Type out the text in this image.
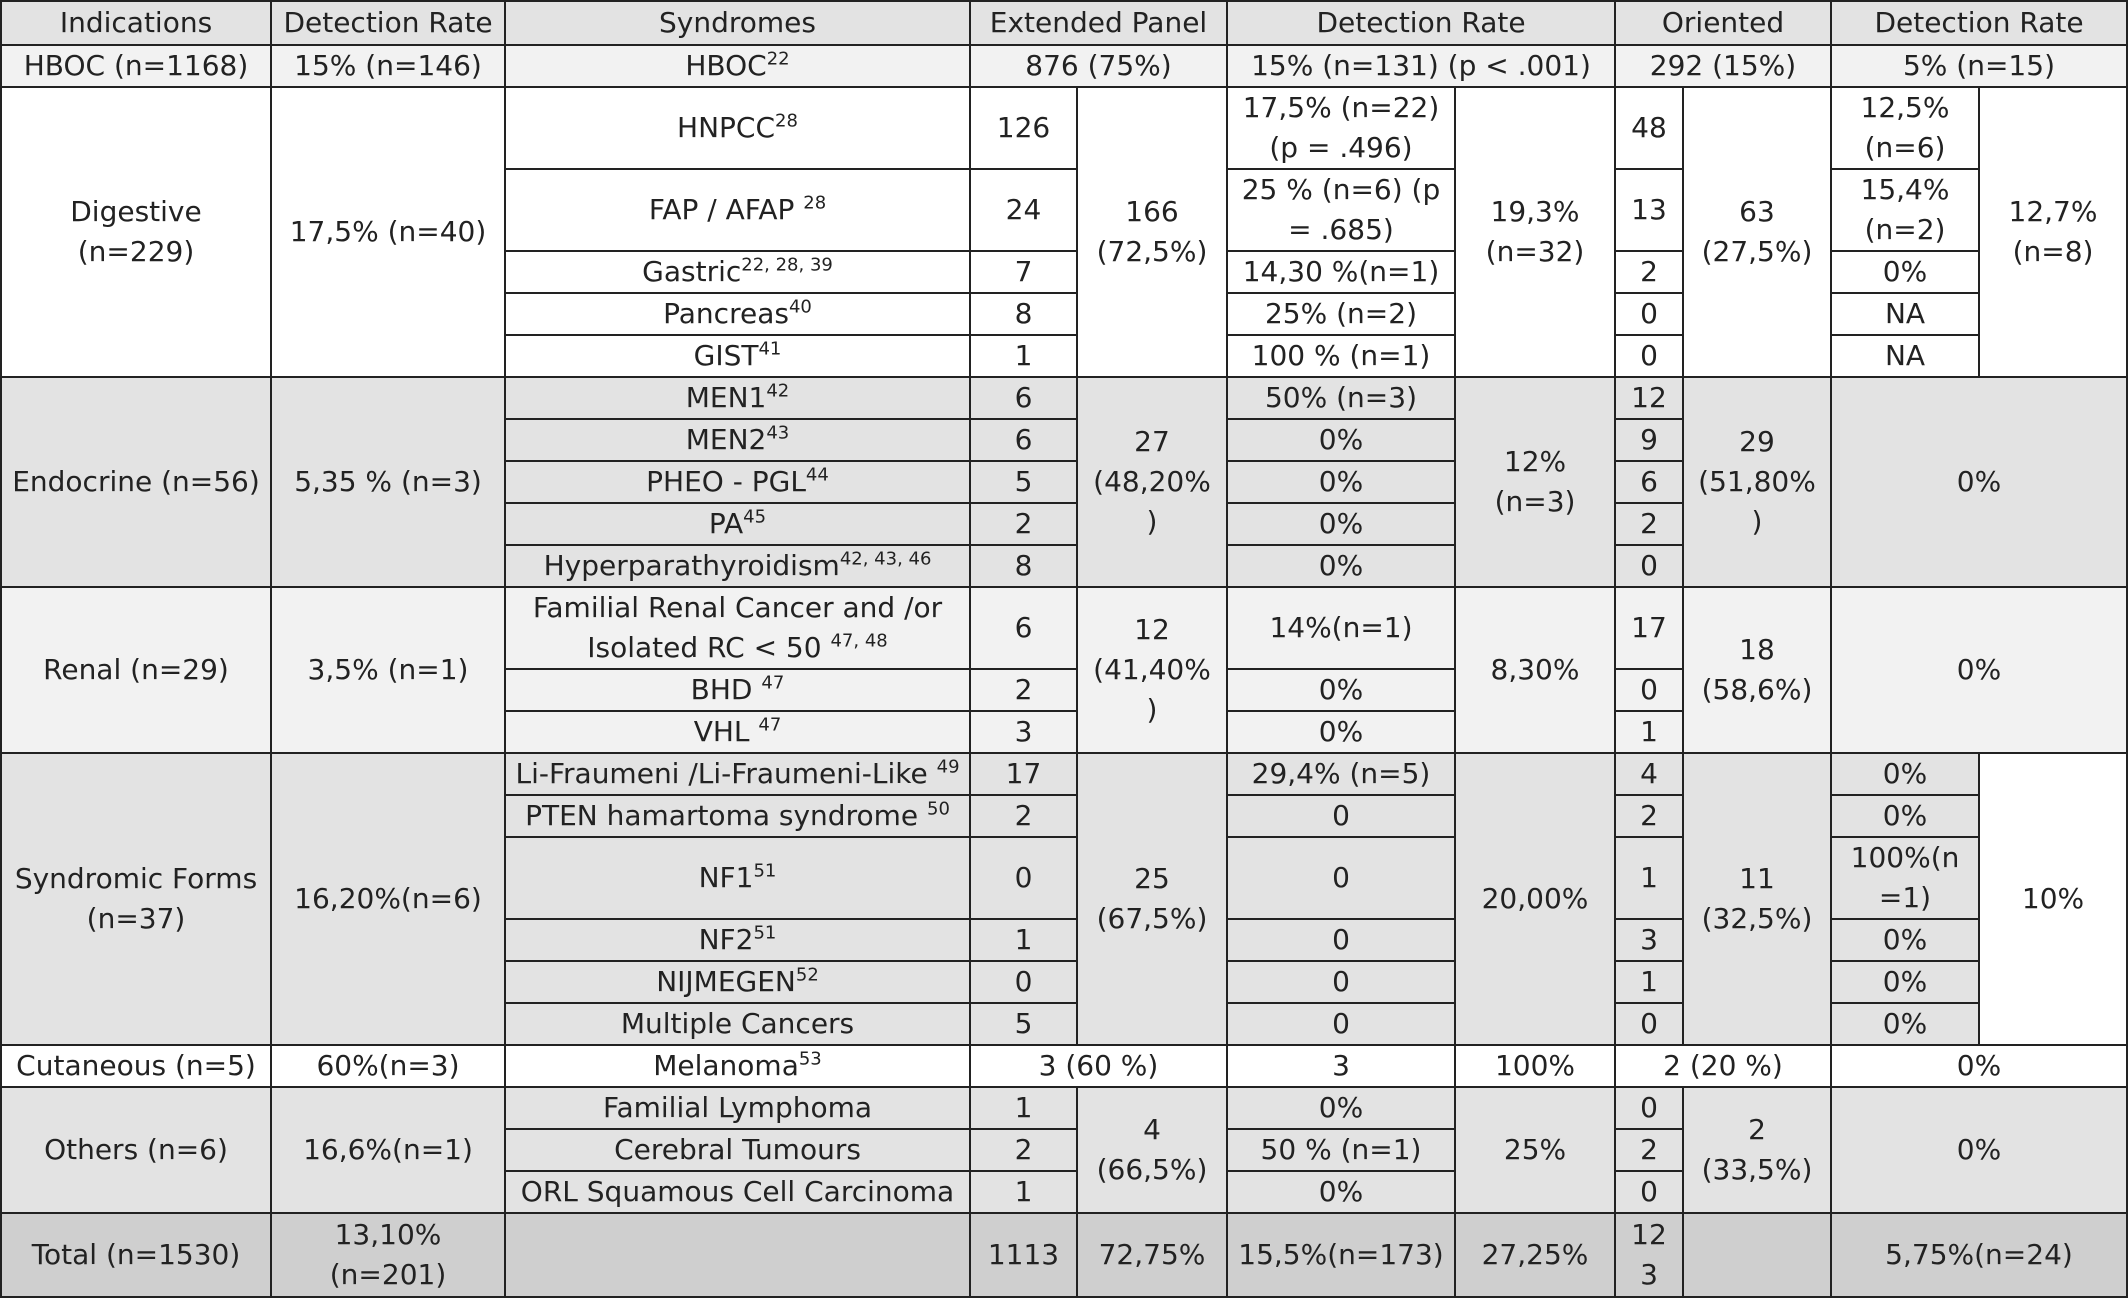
Indications	Detection Rate	Syndromes	Extended Panel		Detection Rate		Oriented		Detection Rate	
HBOC (n=1168)	15% (n=146)	HBOC$^{22}$	876 (75%)		15% (n=131) (p < .001)		292 (15%)		5% (n=15)	
Digestive (n=229)	17,5% (n=40)	HNPCC$^{28}$	126	166 (72,5%)	17,5% (n=22) (p = .496)	19,3% (n=32)	48	63 (27,5%)	12,5% (n=6)	12,7% (n=8)
		FAP / AFAP $^{28}$	24		25 % (n=6) (p = .685)		13		15,4% (n=2)	
		Gastric$^{22, 28, 39}$	7		14,30 %(n=1)		2		0%	
		Pancreas$^{40}$	8		25% (n=2)		0		NA	
		GIST$^{41}$	1		100 % (n=1)		0		NA	
Endocrine (n=56)	5,35 % (n=3)	$MEN1^{42}$	6	27 (48,20% )	50% (n=3)	12% (n=3)	12	29 (51,80% )	0%	
		$MEN2^{43}$	6		0%		9			
		PHEO - PGL$^{44}$	5		0%		6			
		PA$^{45}$	2		0%		2			
		Hyperparathyroidism$^{42, 43, 46}$	8		0%		0			
Renal (n=29)	3,5% (n=1)	Familial Renal Cancer and /or Isolated RC < 50 $^{47, 48}$	6	12 (41,40% )	14%(n=1)	8,30%	17	18 (58,6%)	0%	
		BHD $^{47}$	2		0%		0			
		VHL $^{47}$	3		0%		1			
Syndromic Forms (n=37)	16,20%(n=6)	Li-Fraumeni /Li-Fraumeni-Like $^{49}$	17	25 (67,5%)	29,4% (n=5)	20,00%	4	11 (32,5%)	0%	10%
		PTEN hamartoma syndrome $^{50}$	2		0		2		0%	
		$NF1^{51}$	0		0		1		100%(n =1)	
		$NF2^{51}$	1		0		3		0%	
		NIJMEGEN$^{52}$	0		0		1		0%	
		Multiple Cancers	5		0		0		0%	
Cutaneous (n=5)	60%(n=3)	Melanoma$^{53}$	3 (60 %)		3	100%	2 (20 %)		0%	
Others (n=6)	16,6%(n=1)	Familial Lymphoma	1	4 (66,5%)	0%	25%	0	2 (33,5%)	0%	
		Cerebral Tumours	2		50 % (n=1)		2			
		ORL Squamous Cell Carcinoma	1		0%		0			
Total (n=1530)	13,10%(n=201)		1113	72,75%	15,5%(n=173)	27,25%	12 3		5,75%(n=24)	
